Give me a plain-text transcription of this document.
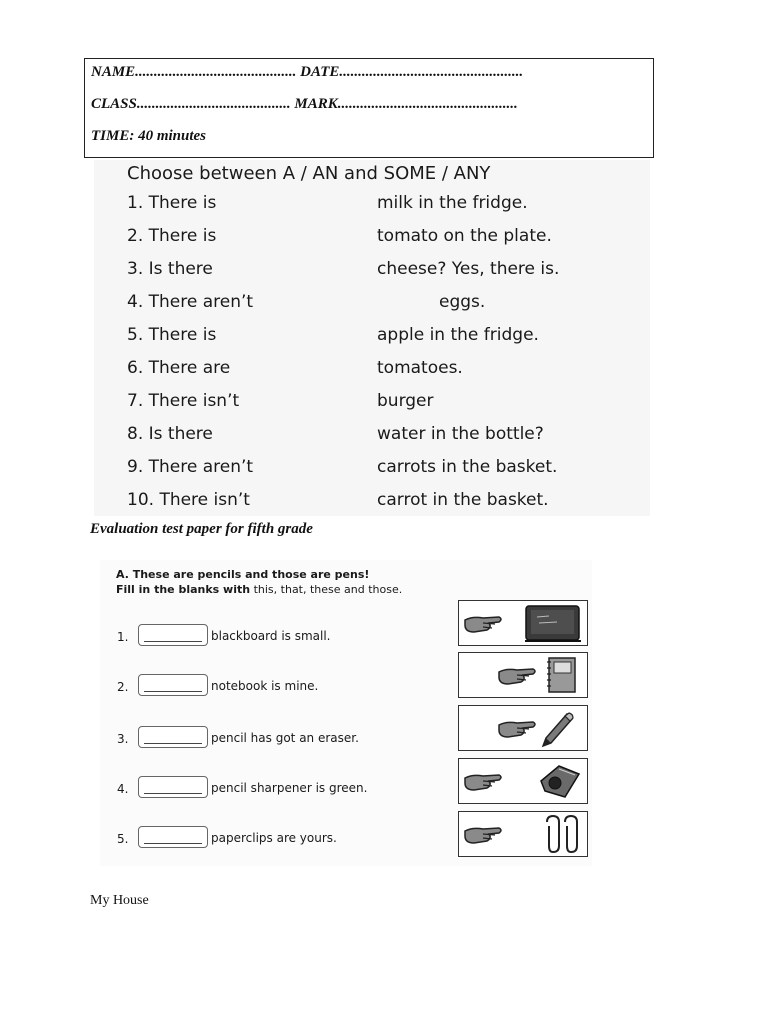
NAME........................................... DATE.................................................
CLASS......................................... MARK................................................
TIME: 40 minutes
Choose between A / AN and SOME / ANY
1. There is	milk in the fridge.
2. There is	tomato on the plate.
3. Is there	cheese? Yes, there is.
4. There aren’t	eggs.
5. There is	apple in the fridge.
6. There are	tomatoes.
7. There isn’t	burger
8. Is there	water in the bottle?
9. There aren’t	carrots in the basket.
10. There isn’t	carrot in the basket.
Evaluation test paper for fifth grade
A. These are pencils and those are pens!
Fill in the blanks with this, that, these and those.
1.	blackboard is small.
2.	notebook is mine.
3.	pencil has got an eraser.
4.	pencil sharpener is green.
5.	paperclips are yours.
My House
